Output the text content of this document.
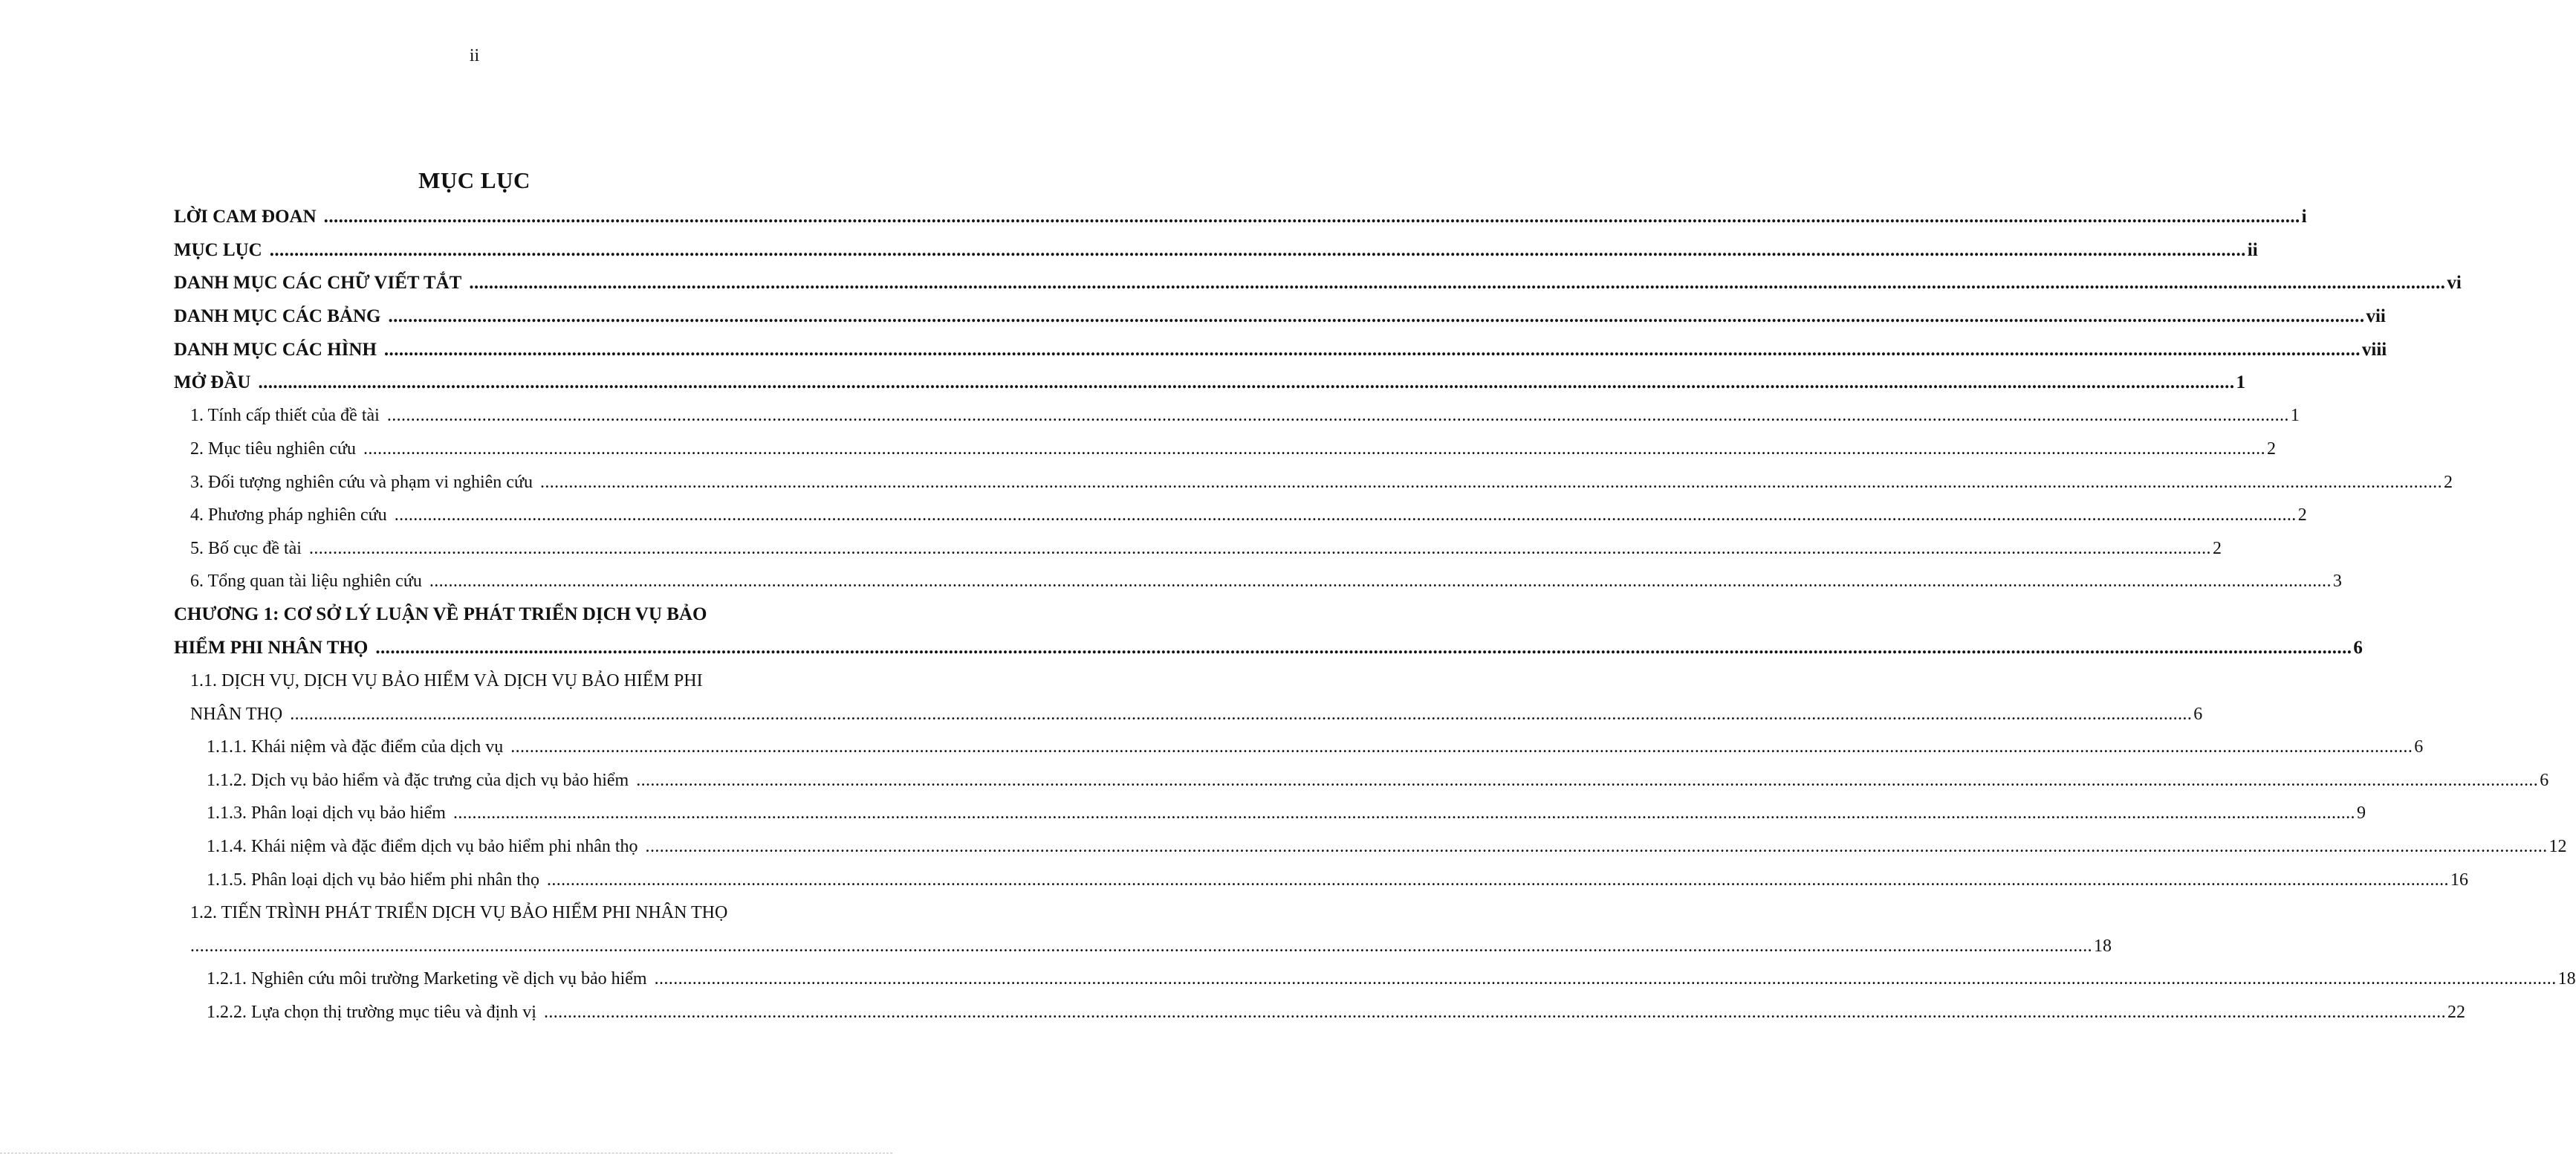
ii
MỤC LỤC
LỜI CAM ĐOAN ................................................................................................................................................................................................................................................................................................................................................................................................................ i
MỤC LỤC ................................................................................................................................................................................................................................................................................................................................................................................................................ ii
DANH MỤC CÁC CHỮ VIẾT TẮT ................................................................................................................................................................................................................................................................................................................................................................................................................ vi
DANH MỤC CÁC BẢNG ................................................................................................................................................................................................................................................................................................................................................................................................................ vii
DANH MỤC CÁC HÌNH ................................................................................................................................................................................................................................................................................................................................................................................................................ viii
MỞ ĐẦU ................................................................................................................................................................................................................................................................................................................................................................................................................ 1
1. Tính cấp thiết của đề tài ................................................................................................................................................................................................................................................................................................................................................................................................................ 1
2. Mục tiêu nghiên cứu ................................................................................................................................................................................................................................................................................................................................................................................................................ 2
3. Đối tượng nghiên cứu và phạm vi nghiên cứu ................................................................................................................................................................................................................................................................................................................................................................................................................ 2
4. Phương pháp nghiên cứu ................................................................................................................................................................................................................................................................................................................................................................................................................ 2
5. Bố cục đề tài ................................................................................................................................................................................................................................................................................................................................................................................................................ 2
6. Tổng quan tài liệu nghiên cứu ................................................................................................................................................................................................................................................................................................................................................................................................................ 3
CHƯƠNG 1: CƠ SỞ LÝ LUẬN VỀ PHÁT TRIỂN DỊCH VỤ BẢO
HIỂM PHI NHÂN THỌ ................................................................................................................................................................................................................................................................................................................................................................................................................ 6
1.1. DỊCH VỤ, DỊCH VỤ BẢO HIỂM VÀ DỊCH VỤ BẢO HIỂM PHI
NHÂN THỌ ................................................................................................................................................................................................................................................................................................................................................................................................................ 6
1.1.1. Khái niệm và đặc điểm của dịch vụ ................................................................................................................................................................................................................................................................................................................................................................................................................ 6
1.1.2. Dịch vụ bảo hiểm và đặc trưng của dịch vụ bảo hiểm ................................................................................................................................................................................................................................................................................................................................................................................................................ 6
1.1.3. Phân loại dịch vụ bảo hiểm ................................................................................................................................................................................................................................................................................................................................................................................................................ 9
1.1.4. Khái niệm và đặc điểm dịch vụ bảo hiểm phi nhân thọ ................................................................................................................................................................................................................................................................................................................................................................................................................ 12
1.1.5. Phân loại dịch vụ bảo hiểm phi nhân thọ ................................................................................................................................................................................................................................................................................................................................................................................................................ 16
1.2. TIẾN TRÌNH PHÁT TRIỂN DỊCH VỤ BẢO HIỂM PHI NHÂN THỌ
................................................................................................................................................................................................................................................................................................................................................................................................................ 18
1.2.1. Nghiên cứu môi trường Marketing về dịch vụ bảo hiểm ................................................................................................................................................................................................................................................................................................................................................................................................................ 18
1.2.2. Lựa chọn thị trường mục tiêu và định vị ................................................................................................................................................................................................................................................................................................................................................................................................................ 22
